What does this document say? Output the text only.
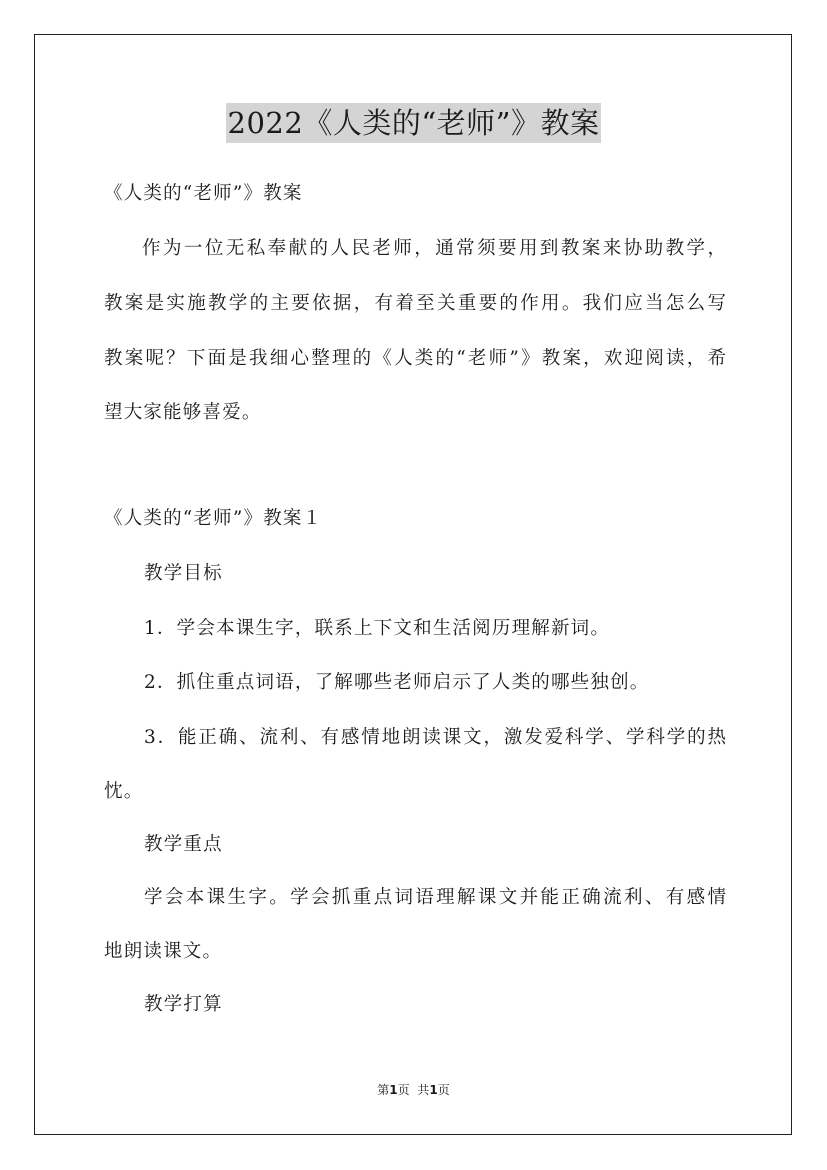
2022《人类的“老师”》教案

《人类的“老师”》教案

作为一位无私奉献的人民老师，通常须要用到教案来协助教学，

教案是实施教学的主要依据，有着至关重要的作用。我们应当怎么写

教案呢？下面是我细心整理的《人类的“老师”》教案，欢迎阅读，希

望大家能够喜爱。

《人类的“老师”》教案１

教学目标

1．学会本课生字，联系上下文和生活阅历理解新词。

2．抓住重点词语，了解哪些老师启示了人类的哪些独创。

3．能正确、流利、有感情地朗读课文，激发爱科学、学科学的热

忱。

教学重点

学会本课生字。学会抓重点词语理解课文并能正确流利、有感情

地朗读课文。

教学打算

第1页 共1页
